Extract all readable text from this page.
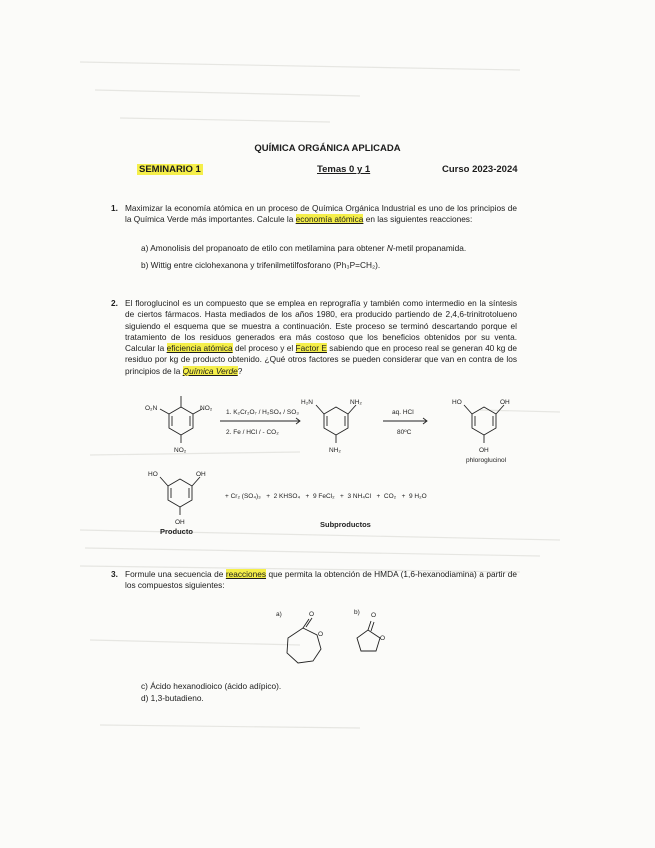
QUÍMICA ORGÁNICA APLICADA
SEMINARIO 1	Temas 0 y 1	Curso 2023-2024
1. Maximizar la economía atómica en un proceso de Química Orgánica Industrial es uno de los principios de la Química Verde más importantes. Calcule la economía atómica en las siguientes reacciones:
a) Amonolisis del propanoato de etilo con metilamina para obtener N-metil propanamida.
b) Wittig entre ciclohexanona y trifenilmetilfosforano (Ph₃P=CH₂).
2. El floroglucinol es un compuesto que se emplea en reprografía y también como intermedio en la síntesis de ciertos fármacos. Hasta mediados de los años 1980, era producido partiendo de 2,4,6-trinitrotolueno siguiendo el esquema que se muestra a continuación. Este proceso se terminó descartando porque el tratamiento de los residuos generados era más costoso que los beneficios obtenidos por su venta. Calcular la eficiencia atómica del proceso y el Factor E sabiendo que en proceso real se generan 40 kg de residuo por kg de producto obtenido. ¿Qué otros factores se pueden considerar que van en contra de los principios de la Química Verde?
O₂N	NO₂
NO₂
1. K₂Cr₂O₇ / H₂SO₄ / SO₃
2. Fe / HCl / - CO₂
H₂N	NH₂
NH₂
aq. HCl
80ºC
HO	OH
OH
phloroglucinol
HO	OH
OH
+ Cr₂ (SO₄)₃   +  2 KHSO₄   +  9 FeCl₂   +  3 NH₄Cl   +  CO₂   +  9 H₂O
Producto
Subproductos
3. Formule una secuencia de reacciones que permita la obtención de HMDA (1,6-hexanodiamina) a partir de los compuestos siguientes:
a)	b)
O
O
O
O
c) Ácido hexanodioico (ácido adípico).
d) 1,3-butadieno.
